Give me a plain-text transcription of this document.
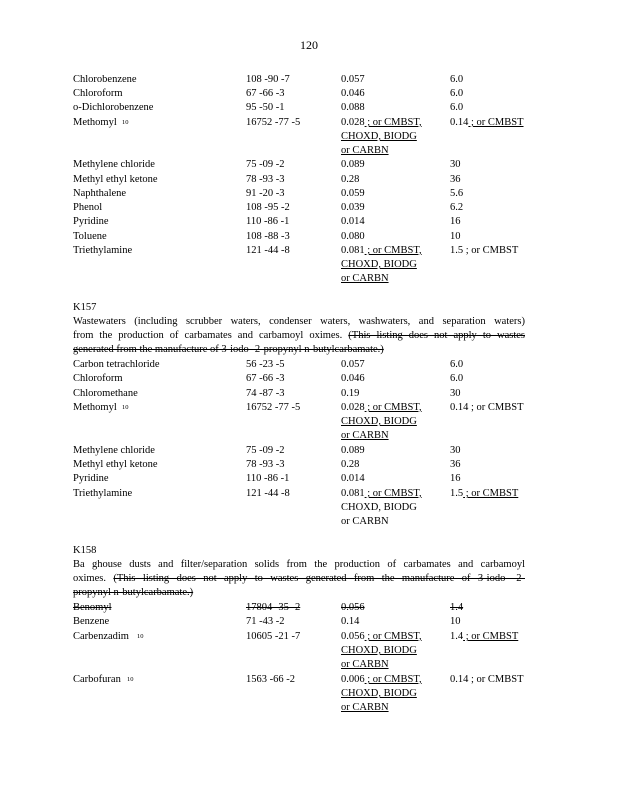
120
Chlorobenzene	108 -90 -7	0.057	6.0
Chloroform	67 -66 -3	0.046	6.0
o-Dichlorobenzene	95 -50 -1	0.088	6.0
Methomyl 10	16752 -77 -5	0.028 ; or CMBST,	0.14 ; or CMBST
CHOXD, BIODG
or CARBN
Methylene chloride	75 -09 -2	0.089	30
Methyl ethyl ketone	78 -93 -3	0.28	36
Naphthalene	91 -20 -3	0.059	5.6
Phenol	108 -95 -2	0.039	6.2
Pyridine	110 -86 -1	0.014	16
Toluene	108 -88 -3	0.080	10
Triethylamine	121 -44 -8	0.081 ; or CMBST,	1.5 ; or CMBST
CHOXD, BIODG
or CARBN
K157
Wastewaters (including scrubber waters, condenser waters, washwaters, and separation waters)
from the production of carbamates and carbamoyl oximes. (This listing does not apply to wastes
generated from the manufacture of 3-iodo -2-propynyl n-butylcarbamate.)
Carbon tetrachloride	56 -23 -5	0.057	6.0
Chloroform	67 -66 -3	0.046	6.0
Chloromethane	74 -87 -3	0.19	30
Methomyl 10	16752 -77 -5	0.028 ; or CMBST,	0.14 ; or CMBST
CHOXD, BIODG
or CARBN
Methylene chloride	75 -09 -2	0.089	30
Methyl ethyl ketone	78 -93 -3	0.28	36
Pyridine	110 -86 -1	0.014	16
Triethylamine	121 -44 -8	0.081 ; or CMBST,	1.5 ; or CMBST
CHOXD, BIODG
or CARBN
K158
Ba ghouse dusts and filter/separation solids from the production of carbamates and carbamoyl
oximes. (This listing does not apply to wastes generated from the manufacture of 3-iodo -2-
propynyl n-butylcarbamate.)
Benomyl	17804 -35 -2	0.056	1.4
Benzene	71 -43 -2	0.14	10
Carbenzadim 10	10605 -21 -7	0.056 ; or CMBST,	1.4 ; or CMBST
CHOXD, BIODG
or CARBN
Carbofuran 10	1563 -66 -2	0.006 ; or CMBST,	0.14 ; or CMBST
CHOXD, BIODG
or CARBN
